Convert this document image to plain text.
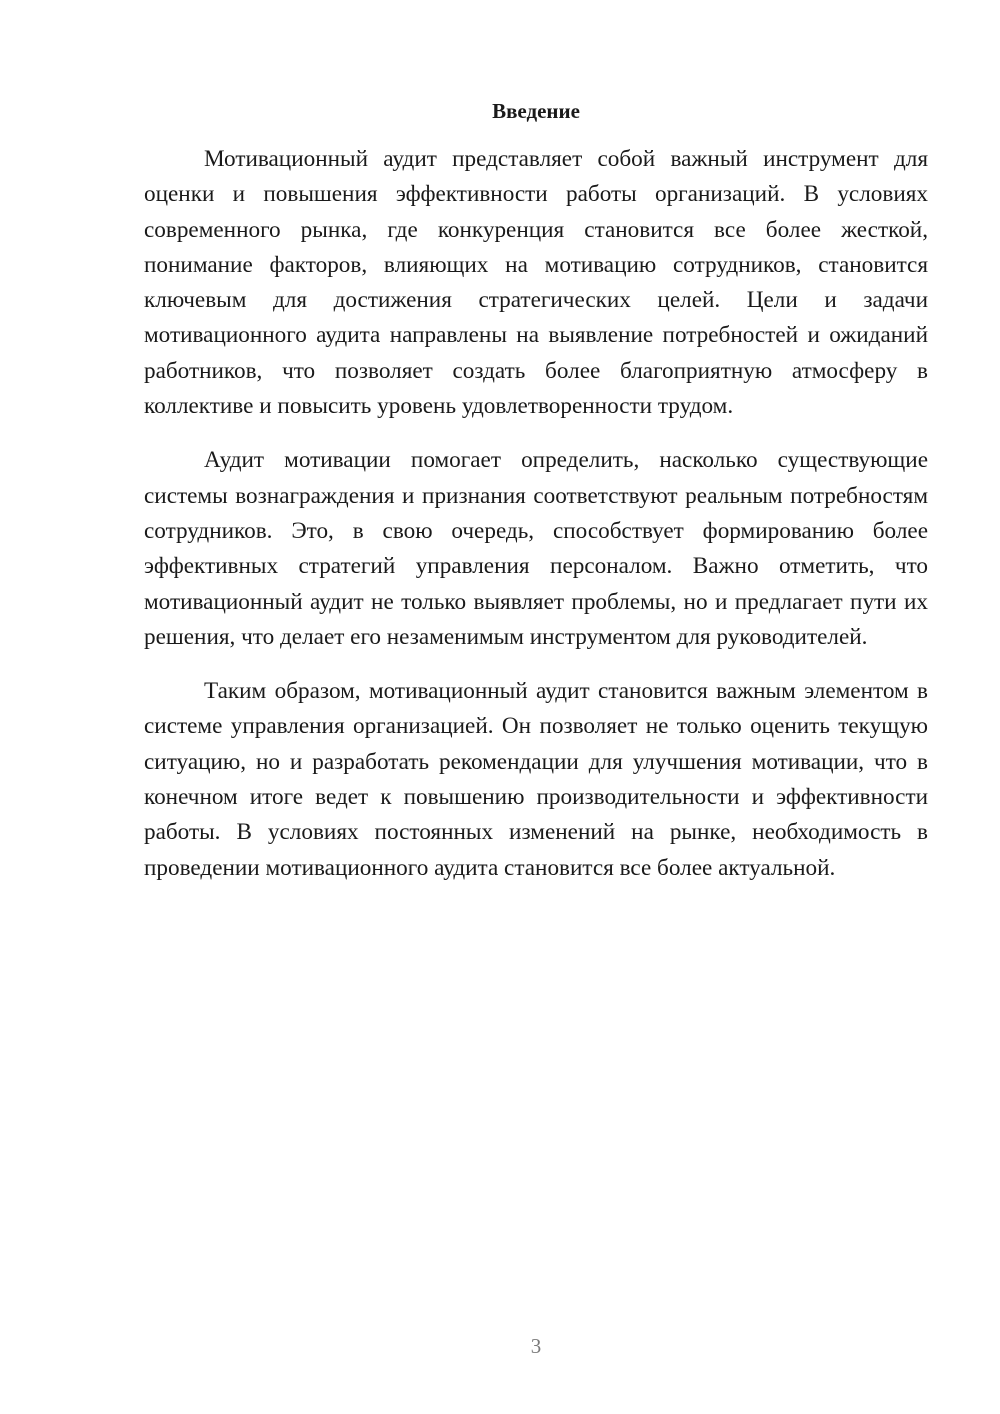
Введение

Мотивационный аудит представляет собой важный инструмент для оценки и повышения эффективности работы организаций. В условиях современного рынка, где конкуренция становится все более жесткой, понимание факторов, влияющих на мотивацию сотрудников, становится ключевым для достижения стратегических целей. Цели и задачи мотивационного аудита направлены на выявление потребностей и ожиданий работников, что позволяет создать более благоприятную атмосферу в коллективе и повысить уровень удовлетворенности трудом.

Аудит мотивации помогает определить, насколько существующие системы вознаграждения и признания соответствуют реальным потребностям сотрудников. Это, в свою очередь, способствует формированию более эффективных стратегий управления персоналом. Важно отметить, что мотивационный аудит не только выявляет проблемы, но и предлагает пути их решения, что делает его незаменимым инструментом для руководителей.

Таким образом, мотивационный аудит становится важным элементом в системе управления организацией. Он позволяет не только оценить текущую ситуацию, но и разработать рекомендации для улучшения мотивации, что в конечном итоге ведет к повышению производительности и эффективности работы. В условиях постоянных изменений на рынке, необходимость в проведении мотивационного аудита становится все более актуальной.

3
